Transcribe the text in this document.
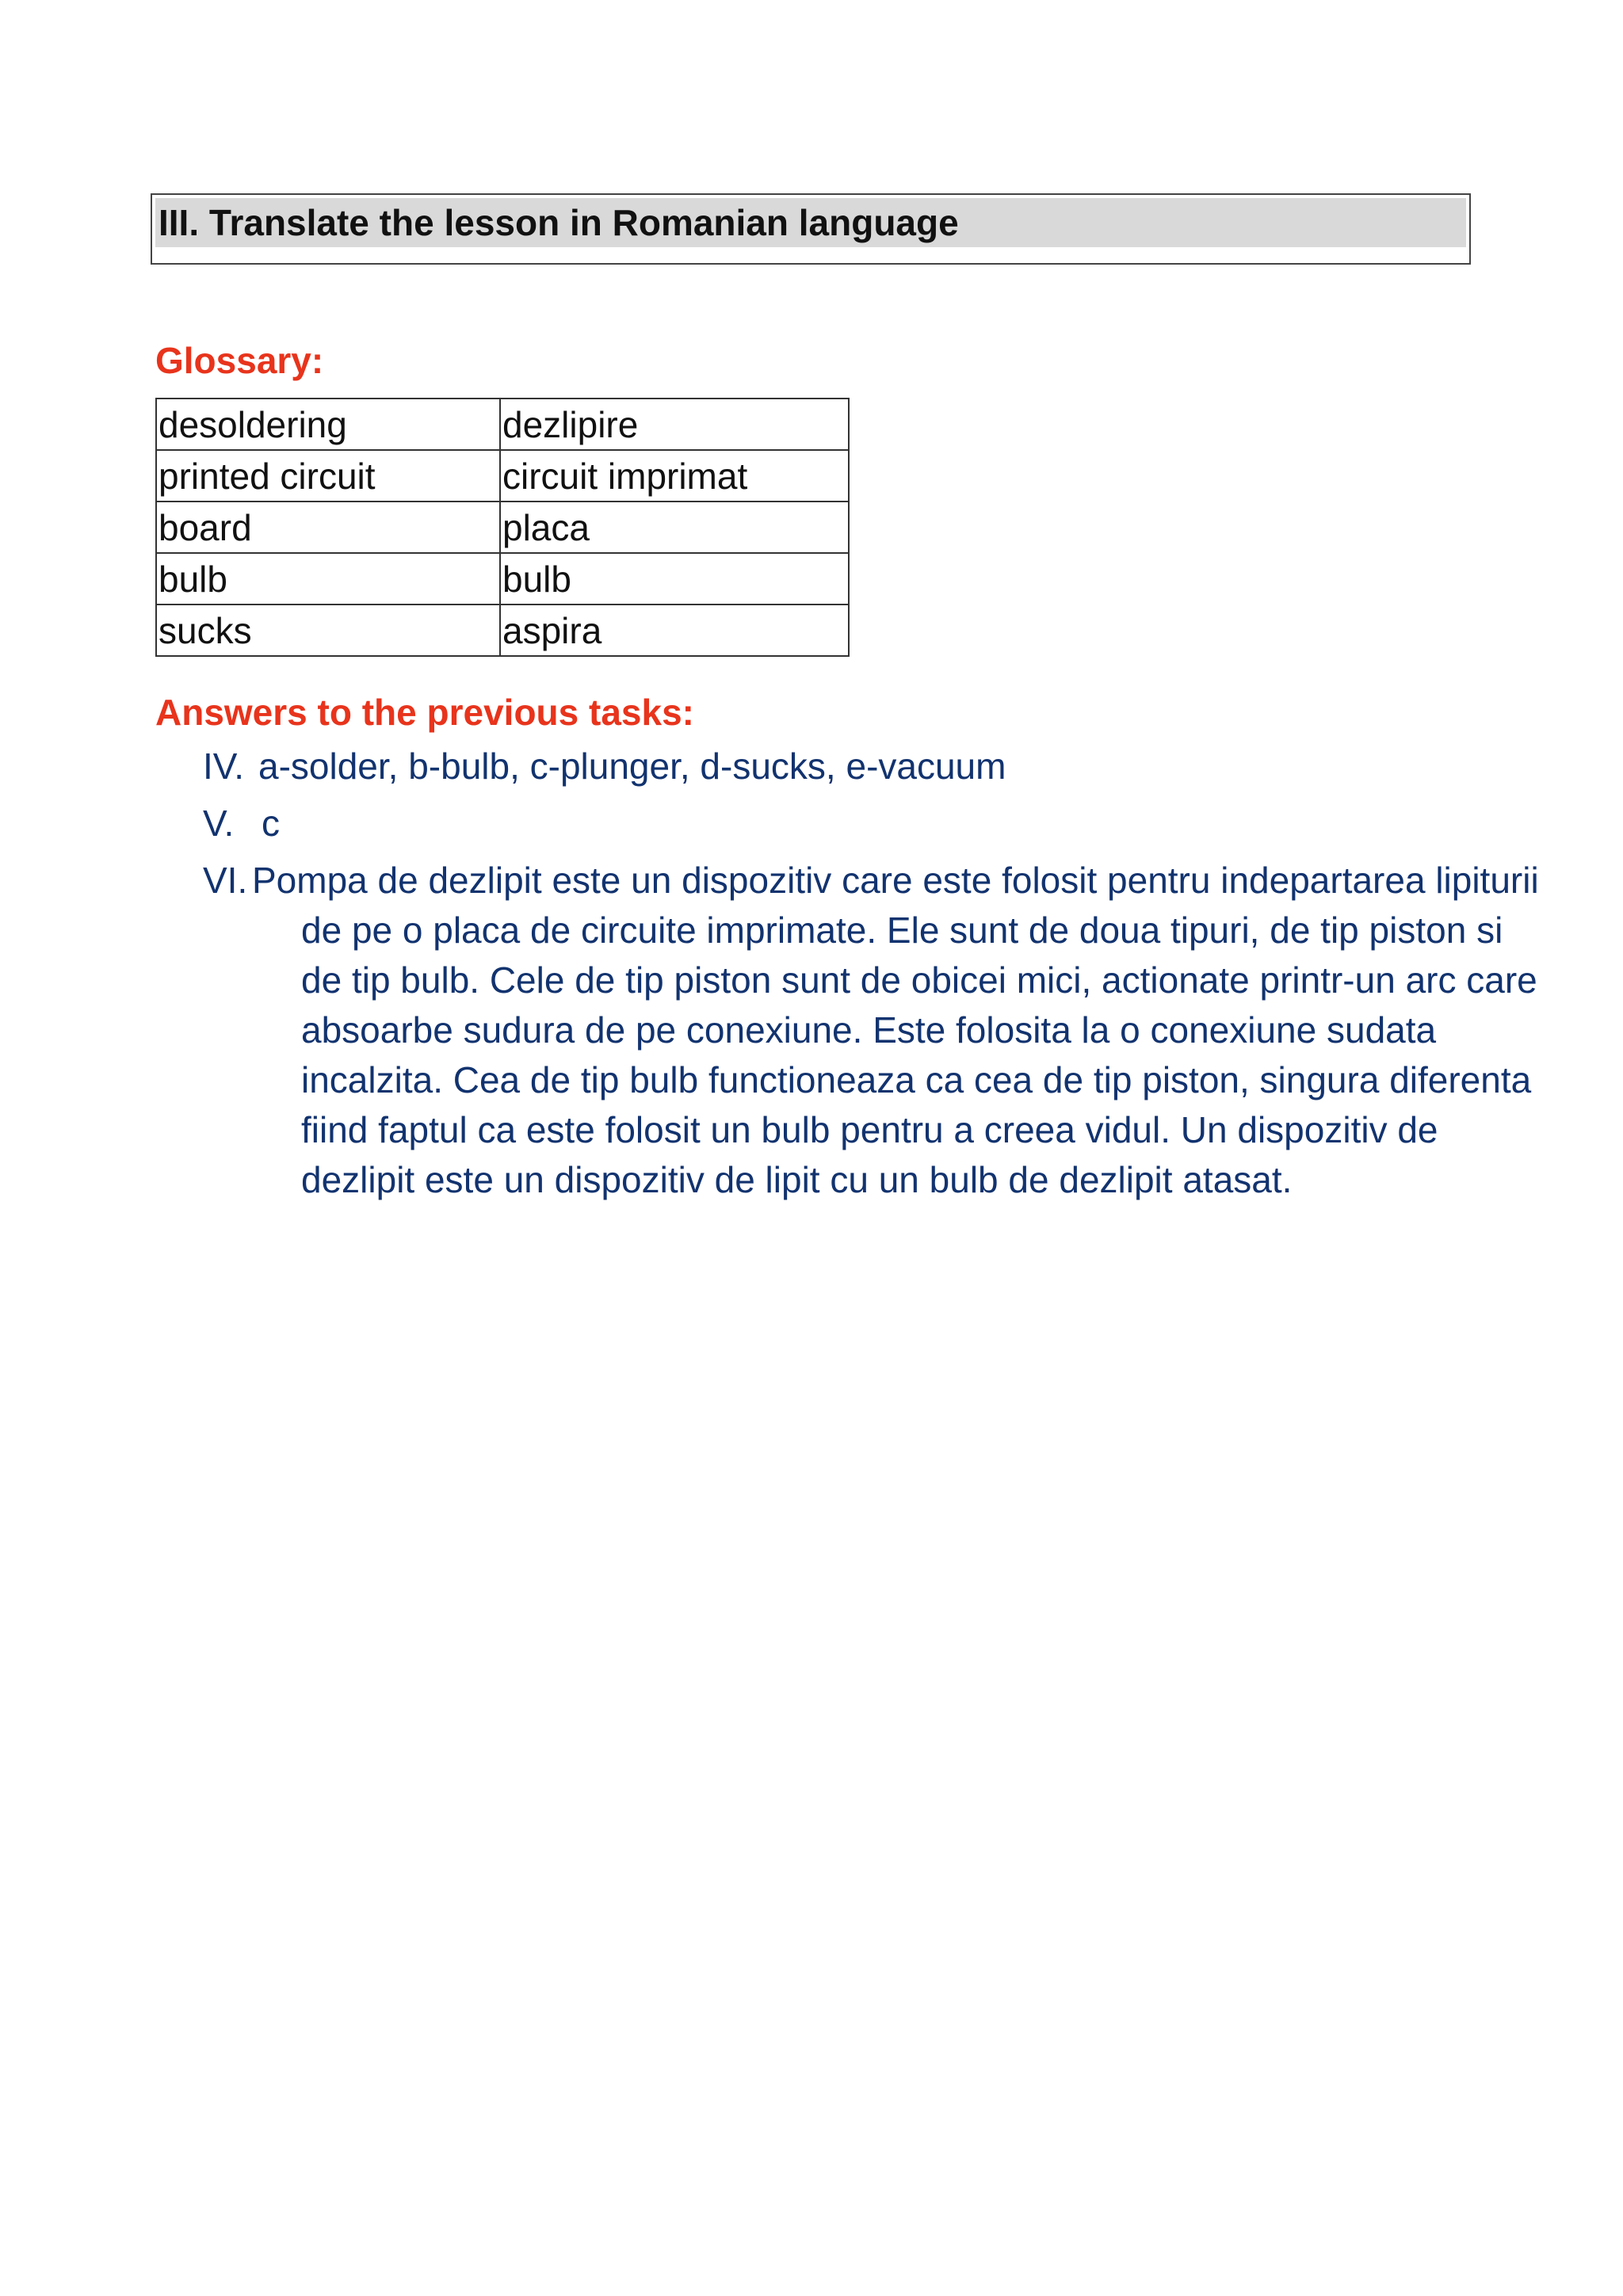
III. Translate the lesson in Romanian language
Glossary:
desoldering	dezlipire
printed circuit	circuit imprimat
board	placa
bulb	bulb
sucks	aspira
Answers to the previous tasks:
IV. a-solder, b-bulb, c-plunger, d-sucks, e-vacuum
V. c
VI. Pompa de dezlipit este un dispozitiv care este folosit pentru indepartarea lipiturii de pe o placa de circuite imprimate. Ele sunt de doua tipuri, de tip piston si de tip bulb. Cele de tip piston sunt de obicei mici, actionate printr-un arc care absoarbe sudura de pe conexiune. Este folosita la o conexiune sudata incalzita. Cea de tip bulb functioneaza ca cea de tip piston, singura diferenta fiind faptul ca este folosit un bulb pentru a creea vidul. Un dispozitiv de dezlipit este un dispozitiv de lipit cu un bulb de dezlipit atasat.
